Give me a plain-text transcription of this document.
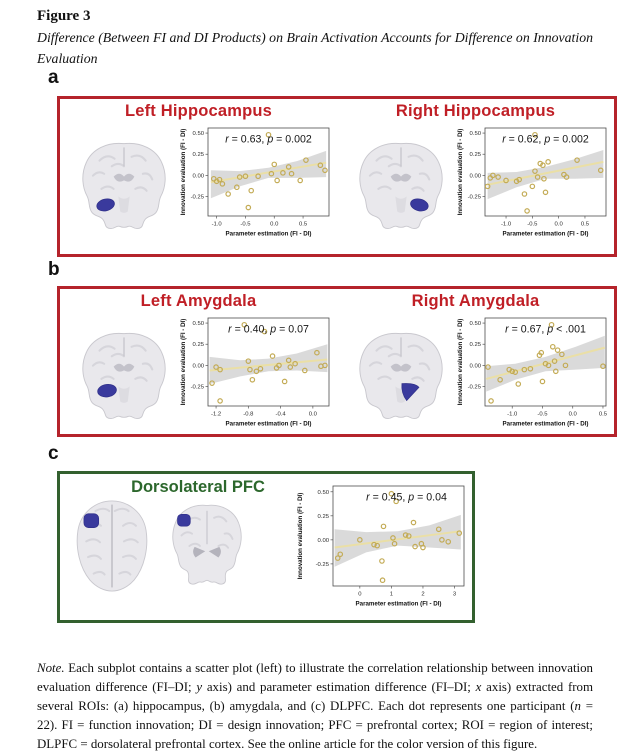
Figure 3
Difference (Between FI and DI Products) on Brain Activation Accounts for Difference on Innovation Evaluation
a
b
c
Left Hippocampus
-1.0	-0.5	0.0	0.5
-0.25
0.00
0.25
0.50
Parameter estimation (FI - DI)
Innovation evaluation (FI - DI)	r = 0.63, p = 0.002
Right Hippocampus
-1.0	-0.5	0.0	0.5
-0.25
0.00
0.25
0.50
Parameter estimation (FI - DI)
Innovation evaluation (FI - DI)	r = 0.62, p = 0.002
Left Amygdala
-1.2	-0.8	-0.4	0.0
-0.25
0.00
0.25
0.50
Parameter estimation (FI - DI)
Innovation evaluation (FI - DI)	r = 0.40, p = 0.07
Right Amygdala
-1.0	-0.5	0.0	0.5
-0.25
0.00
0.25
0.50
Parameter estimation (FI - DI)
Innovation evaluation (FI - DI)	r = 0.67, p < .001
Dorsolateral PFC
0	1	2	3
-0.25
0.00
0.25
0.50
Parameter estimation (FI - DI)
Innovation evaluation (FI - DI)	r = 0.45, p = 0.04

Note. Each subplot contains a scatter plot (left) to illustrate the correlation relationship between innovation evaluation difference (FI–DI; y axis) and parameter estimation difference (FI–DI; x axis) extracted from several ROIs: (a) hippocampus, (b) amygdala, and (c) DLPFC. Each dot represents one participant (n = 22). FI = function innovation; DI = design innovation; PFC = prefrontal cortex; ROI = region of interest; DLPFC = dorsolateral prefrontal cortex. See the online article for the color version of this figure.
